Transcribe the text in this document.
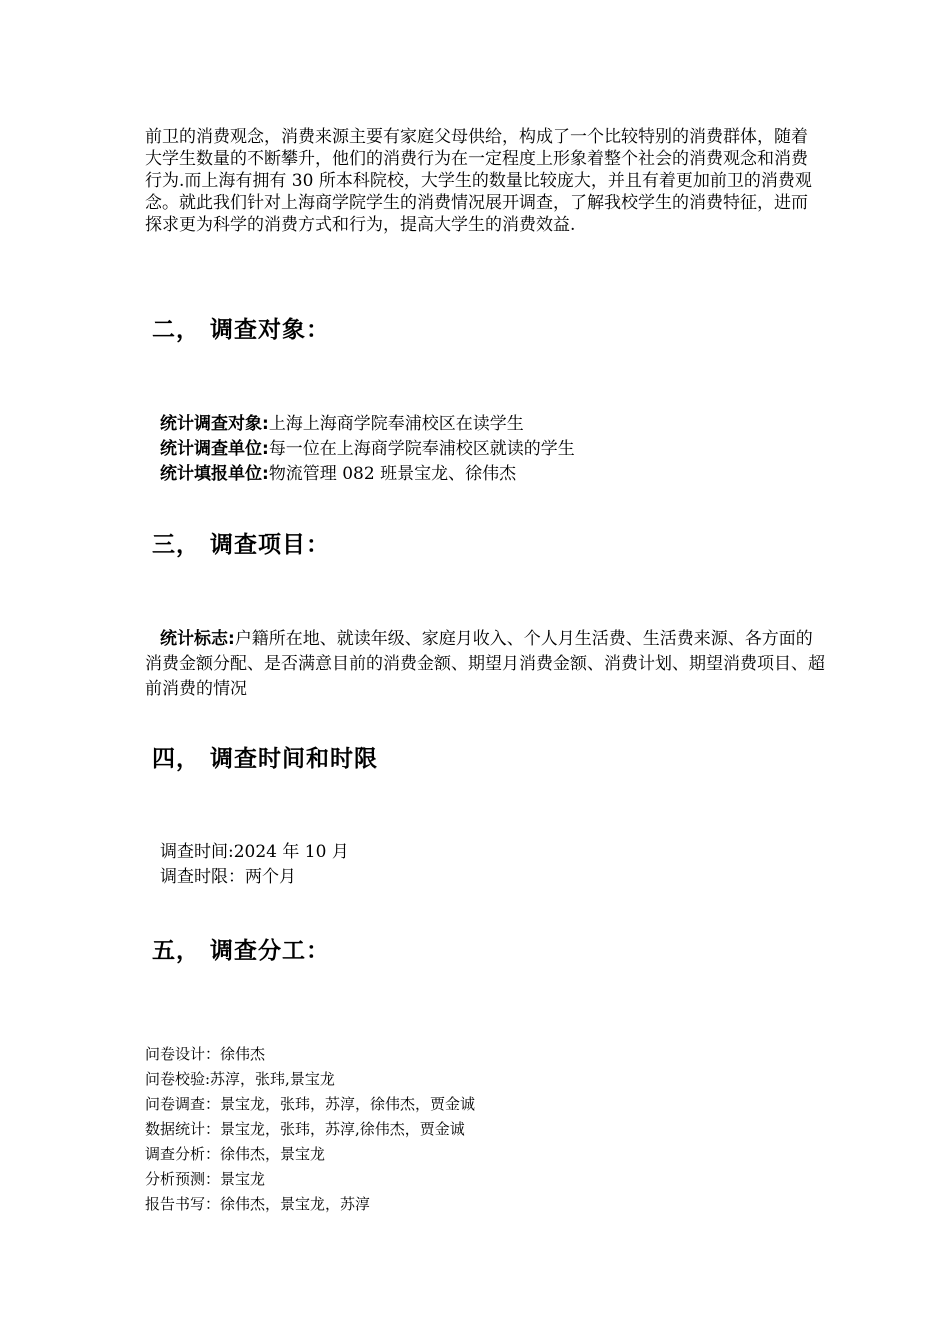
前卫的消费观念，消费来源主要有家庭父母供给，构成了一个比较特别的消费群体，随着大学生数量的不断攀升，他们的消费行为在一定程度上形象着整个社会的消费观念和消费行为.而上海有拥有 30 所本科院校，大学生的数量比较庞大，并且有着更加前卫的消费观念。就此我们针对上海商学院学生的消费情况展开调查，了解我校学生的消费特征，进而探求更为科学的消费方式和行为，提高大学生的消费效益.

二， 调查对象：

统计调查对象:上海上海商学院奉浦校区在读学生

统计调查单位:每一位在上海商学院奉浦校区就读的学生

统计填报单位:物流管理 082 班景宝龙、徐伟杰

三， 调查项目：

统计标志:户籍所在地、就读年级、家庭月收入、个人月生活费、生活费来源、各方面的消费金额分配、是否满意目前的消费金额、期望月消费金额、消费计划、期望消费项目、超前消费的情况

四， 调查时间和时限

调查时间:2024 年 10 月

调查时限：两个月

五， 调查分工：

问卷设计：徐伟杰

问卷校验:苏淳，张玮,景宝龙

问卷调查：景宝龙，张玮，苏淳，徐伟杰，贾金诚

数据统计：景宝龙，张玮，苏淳,徐伟杰，贾金诚

调查分析：徐伟杰，景宝龙

分析预测：景宝龙

报告书写：徐伟杰，景宝龙，苏淳
